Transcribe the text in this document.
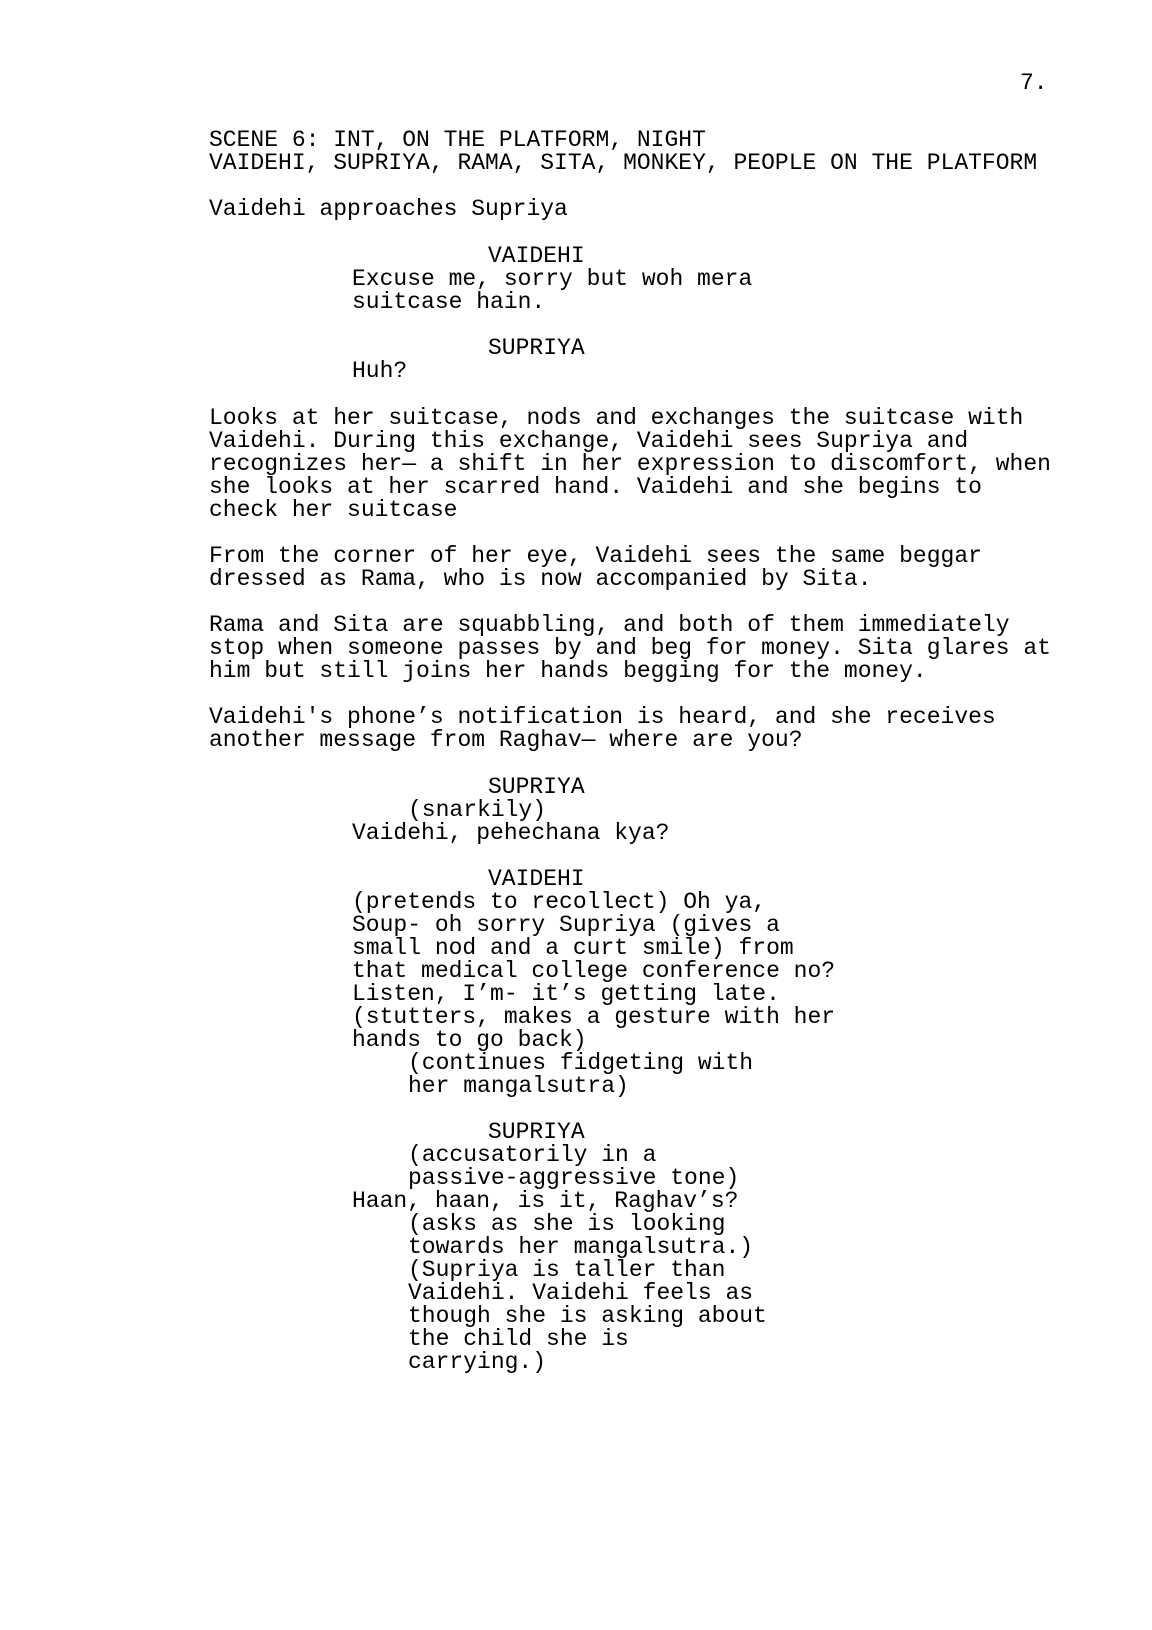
7.
SCENE 6: INT, ON THE PLATFORM, NIGHT
VAIDEHI, SUPRIYA, RAMA, SITA, MONKEY, PEOPLE ON THE PLATFORM
Vaidehi approaches Supriya
VAIDEHI
Excuse me, sorry but woh mera
suitcase hain.
SUPRIYA
Huh?
Looks at her suitcase, nods and exchanges the suitcase with
Vaidehi. During this exchange, Vaidehi sees Supriya and
recognizes her— a shift in her expression to discomfort, when
she looks at her scarred hand. Vaidehi and she begins to
check her suitcase
From the corner of her eye, Vaidehi sees the same beggar
dressed as Rama, who is now accompanied by Sita.
Rama and Sita are squabbling, and both of them immediately
stop when someone passes by and beg for money. Sita glares at
him but still joins her hands begging for the money.
Vaidehi's phone’s notification is heard, and she receives
another message from Raghav— where are you?
SUPRIYA
(snarkily)
Vaidehi, pehechana kya?
VAIDEHI
(pretends to recollect) Oh ya,
Soup- oh sorry Supriya (gives a
small nod and a curt smile) from
that medical college conference no?
Listen, I’m- it’s getting late.
(stutters, makes a gesture with her
hands to go back)
(continues fidgeting with
her mangalsutra)
SUPRIYA
(accusatorily in a
passive-aggressive tone)
Haan, haan, is it, Raghav’s?
(asks as she is looking
towards her mangalsutra.)
(Supriya is taller than
Vaidehi. Vaidehi feels as
though she is asking about
the child she is
carrying.)
